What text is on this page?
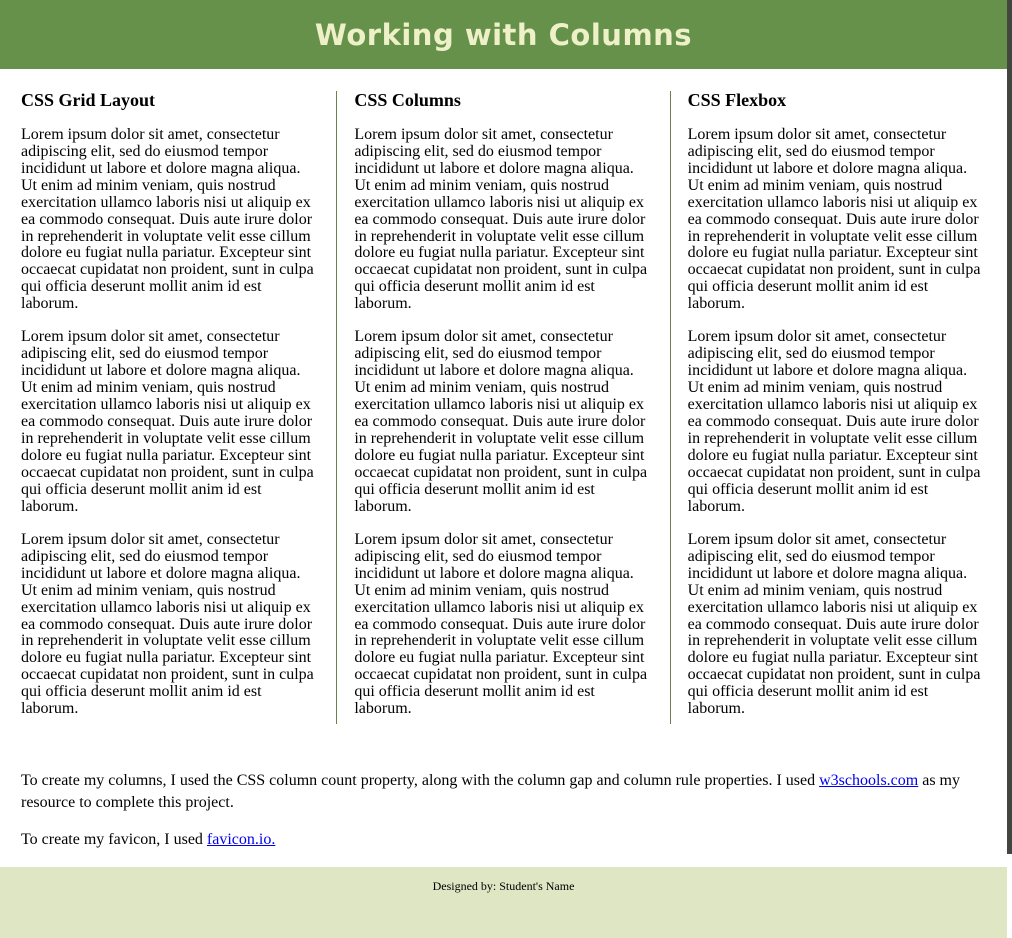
Working with Columns
CSS Grid Layout

Lorem ipsum dolor sit amet, consectetur adipiscing elit, sed do eiusmod tempor incididunt ut labore et dolore magna aliqua. Ut enim ad minim veniam, quis nostrud exercitation ullamco laboris nisi ut aliquip ex ea commodo consequat. Duis aute irure dolor in reprehenderit in voluptate velit esse cillum dolore eu fugiat nulla pariatur. Excepteur sint occaecat cupidatat non proident, sunt in culpa qui officia deserunt mollit anim id est laborum.

Lorem ipsum dolor sit amet, consectetur adipiscing elit, sed do eiusmod tempor incididunt ut labore et dolore magna aliqua. Ut enim ad minim veniam, quis nostrud exercitation ullamco laboris nisi ut aliquip ex ea commodo consequat. Duis aute irure dolor in reprehenderit in voluptate velit esse cillum dolore eu fugiat nulla pariatur. Excepteur sint occaecat cupidatat non proident, sunt in culpa qui officia deserunt mollit anim id est laborum.

Lorem ipsum dolor sit amet, consectetur adipiscing elit, sed do eiusmod tempor incididunt ut labore et dolore magna aliqua. Ut enim ad minim veniam, quis nostrud exercitation ullamco laboris nisi ut aliquip ex ea commodo consequat. Duis aute irure dolor in reprehenderit in voluptate velit esse cillum dolore eu fugiat nulla pariatur. Excepteur sint occaecat cupidatat non proident, sunt in culpa qui officia deserunt mollit anim id est laborum.

CSS Columns

Lorem ipsum dolor sit amet, consectetur adipiscing elit, sed do eiusmod tempor incididunt ut labore et dolore magna aliqua. Ut enim ad minim veniam, quis nostrud exercitation ullamco laboris nisi ut aliquip ex ea commodo consequat. Duis aute irure dolor in reprehenderit in voluptate velit esse cillum dolore eu fugiat nulla pariatur. Excepteur sint occaecat cupidatat non proident, sunt in culpa qui officia deserunt mollit anim id est laborum.

Lorem ipsum dolor sit amet, consectetur adipiscing elit, sed do eiusmod tempor incididunt ut labore et dolore magna aliqua. Ut enim ad minim veniam, quis nostrud exercitation ullamco laboris nisi ut aliquip ex ea commodo consequat. Duis aute irure dolor in reprehenderit in voluptate velit esse cillum dolore eu fugiat nulla pariatur. Excepteur sint occaecat cupidatat non proident, sunt in culpa qui officia deserunt mollit anim id est laborum.

Lorem ipsum dolor sit amet, consectetur adipiscing elit, sed do eiusmod tempor incididunt ut labore et dolore magna aliqua. Ut enim ad minim veniam, quis nostrud exercitation ullamco laboris nisi ut aliquip ex ea commodo consequat. Duis aute irure dolor in reprehenderit in voluptate velit esse cillum dolore eu fugiat nulla pariatur. Excepteur sint occaecat cupidatat non proident, sunt in culpa qui officia deserunt mollit anim id est laborum.

CSS Flexbox

Lorem ipsum dolor sit amet, consectetur adipiscing elit, sed do eiusmod tempor incididunt ut labore et dolore magna aliqua. Ut enim ad minim veniam, quis nostrud exercitation ullamco laboris nisi ut aliquip ex ea commodo consequat. Duis aute irure dolor in reprehenderit in voluptate velit esse cillum dolore eu fugiat nulla pariatur. Excepteur sint occaecat cupidatat non proident, sunt in culpa qui officia deserunt mollit anim id est laborum.

Lorem ipsum dolor sit amet, consectetur adipiscing elit, sed do eiusmod tempor incididunt ut labore et dolore magna aliqua. Ut enim ad minim veniam, quis nostrud exercitation ullamco laboris nisi ut aliquip ex ea commodo consequat. Duis aute irure dolor in reprehenderit in voluptate velit esse cillum dolore eu fugiat nulla pariatur. Excepteur sint occaecat cupidatat non proident, sunt in culpa qui officia deserunt mollit anim id est laborum.

Lorem ipsum dolor sit amet, consectetur adipiscing elit, sed do eiusmod tempor incididunt ut labore et dolore magna aliqua. Ut enim ad minim veniam, quis nostrud exercitation ullamco laboris nisi ut aliquip ex ea commodo consequat. Duis aute irure dolor in reprehenderit in voluptate velit esse cillum dolore eu fugiat nulla pariatur. Excepteur sint occaecat cupidatat non proident, sunt in culpa qui officia deserunt mollit anim id est laborum.

To create my columns, I used the CSS column count property, along with the column gap and column rule properties. I used w3schools.com as my resource to complete this project.

To create my favicon, I used favicon.io.

Designed by: Student's Name
